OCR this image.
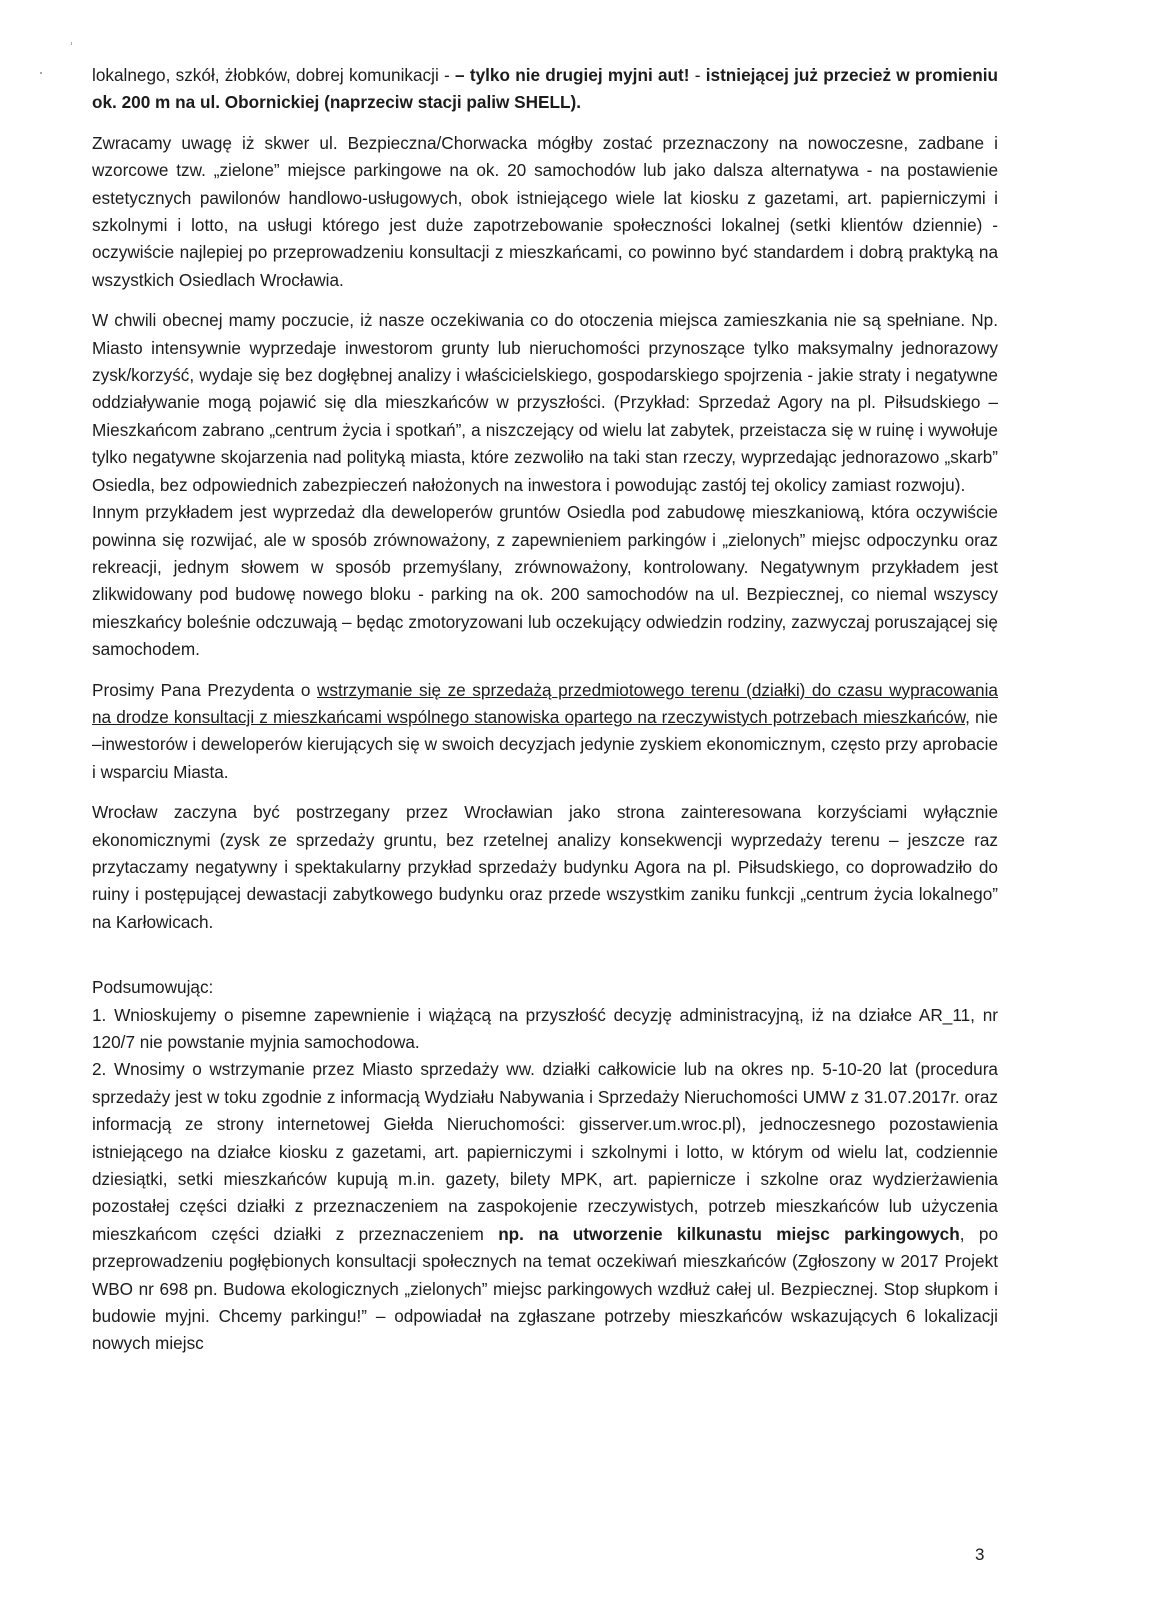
lokalnego, szkół, żłobków, dobrej komunikacji - – tylko nie drugiej myjni aut! - istniejącej już przecież w promieniu ok. 200 m na ul. Obornickiej (naprzeciw stacji paliw SHELL).

Zwracamy uwagę iż skwer ul. Bezpieczna/Chorwacka mógłby zostać przeznaczony na nowoczesne, zadbane i wzorcowe tzw. „zielone” miejsce parkingowe na ok. 20 samochodów lub jako dalsza alternatywa - na postawienie estetycznych pawilonów handlowo-usługowych, obok istniejącego wiele lat kiosku z gazetami, art. papierniczymi i szkolnymi i lotto, na usługi którego jest duże zapotrzebowanie społeczności lokalnej (setki klientów dziennie) - oczywiście najlepiej po przeprowadzeniu konsultacji z mieszkańcami, co powinno być standardem i dobrą praktyką na wszystkich Osiedlach Wrocławia.

W chwili obecnej mamy poczucie, iż nasze oczekiwania co do otoczenia miejsca zamieszkania nie są spełniane. Np. Miasto intensywnie wyprzedaje inwestorom grunty lub nieruchomości przynoszące tylko maksymalny jednorazowy zysk/korzyść, wydaje się bez dogłębnej analizy i właścicielskiego, gospodarskiego spojrzenia - jakie straty i negatywne oddziaływanie mogą pojawić się dla mieszkańców w przyszłości. (Przykład: Sprzedaż Agory na pl. Piłsudskiego – Mieszkańcom zabrano „centrum życia i spotkań”, a niszczejący od wielu lat zabytek, przeistacza się w ruinę i wywołuje tylko negatywne skojarzenia nad polityką miasta, które zezwoliło na taki stan rzeczy, wyprzedając jednorazowo „skarb” Osiedla, bez odpowiednich zabezpieczeń nałożonych na inwestora i powodując zastój tej okolicy zamiast rozwoju).

Innym przykładem jest wyprzedaż dla deweloperów gruntów Osiedla pod zabudowę mieszkaniową, która oczywiście powinna się rozwijać, ale w sposób zrównoważony, z zapewnieniem parkingów i „zielonych” miejsc odpoczynku oraz rekreacji, jednym słowem w sposób przemyślany, zrównoważony, kontrolowany. Negatywnym przykładem jest zlikwidowany pod budowę nowego bloku - parking na ok. 200 samochodów na ul. Bezpiecznej, co niemal wszyscy mieszkańcy boleśnie odczuwają – będąc zmotoryzowani lub oczekujący odwiedzin rodziny, zazwyczaj poruszającej się samochodem.

Prosimy Pana Prezydenta o wstrzymanie się ze sprzedażą przedmiotowego terenu (działki) do czasu wypracowania na drodze konsultacji z mieszkańcami wspólnego stanowiska opartego na rzeczywistych potrzebach mieszkańców, nie –inwestorów i deweloperów kierujących się w swoich decyzjach jedynie zyskiem ekonomicznym, często przy aprobacie i wsparciu Miasta.

Wrocław zaczyna być postrzegany przez Wrocławian jako strona zainteresowana korzyściami wyłącznie ekonomicznymi (zysk ze sprzedaży gruntu, bez rzetelnej analizy konsekwencji wyprzedaży terenu – jeszcze raz przytaczamy negatywny i spektakularny przykład sprzedaży budynku Agora na pl. Piłsudskiego, co doprowadziło do ruiny i postępującej dewastacji zabytkowego budynku oraz przede wszystkim zaniku funkcji „centrum życia lokalnego” na Karłowicach.

Podsumowując:

1. Wnioskujemy o pisemne zapewnienie i wiążącą na przyszłość decyzję administracyjną, iż na działce AR_11, nr 120/7 nie powstanie myjnia samochodowa.

2. Wnosimy o wstrzymanie przez Miasto sprzedaży ww. działki całkowicie lub na okres np. 5-10-20 lat (procedura sprzedaży jest w toku zgodnie z informacją Wydziału Nabywania i Sprzedaży Nieruchomości UMW z 31.07.2017r. oraz informacją ze strony internetowej Giełda Nieruchomości: gisserver.um.wroc.pl), jednoczesnego pozostawienia istniejącego na działce kiosku z gazetami, art. papierniczymi i szkolnymi i lotto, w którym od wielu lat, codziennie dziesiątki, setki mieszkańców kupują m.in. gazety, bilety MPK, art. papiernicze i szkolne oraz wydzierżawienia pozostałej części działki z przeznaczeniem na zaspokojenie rzeczywistych, potrzeb mieszkańców lub użyczenia mieszkańcom części działki z przeznaczeniem np. na utworzenie kilkunastu miejsc parkingowych, po przeprowadzeniu pogłębionych konsultacji społecznych na temat oczekiwań mieszkańców (Zgłoszony w 2017 Projekt WBO nr 698 pn. Budowa ekologicznych „zielonych” miejsc parkingowych wzdłuż całej ul. Bezpiecznej. Stop słupkom i budowie myjni. Chcemy parkingu!” – odpowiadał na zgłaszane potrzeby mieszkańców wskazujących 6 lokalizacji nowych miejsc

3
